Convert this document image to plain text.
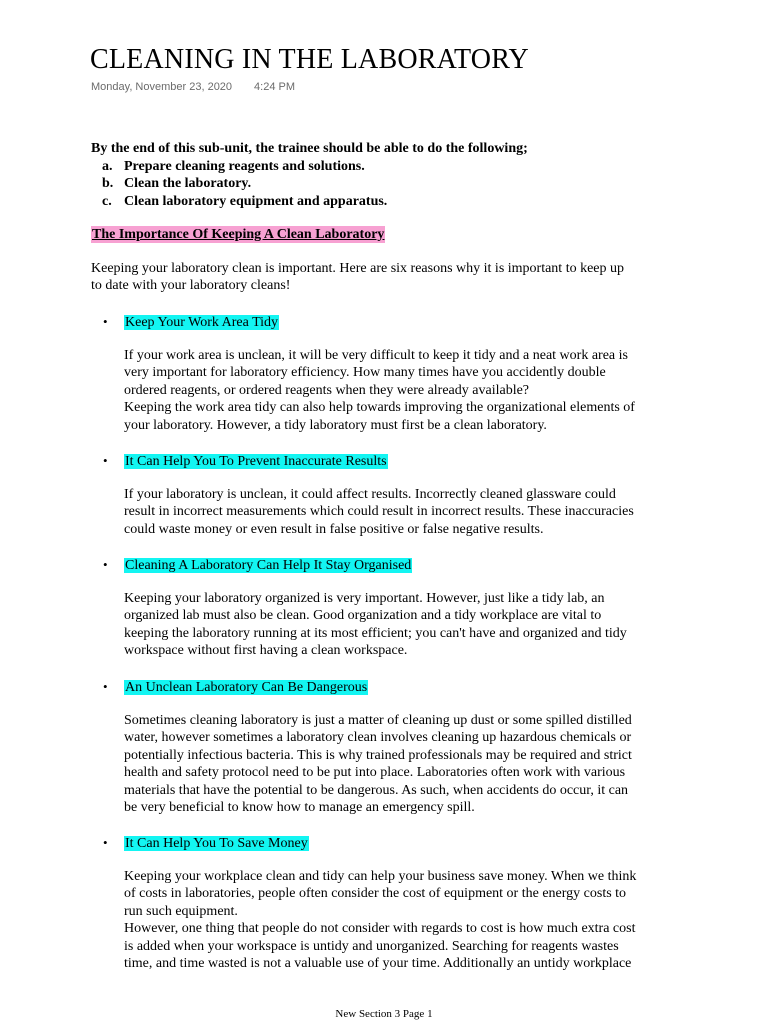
CLEANING IN THE LABORATORY
Monday, November 23, 2020 4:24 PM
By the end of this sub-unit, the trainee should be able to do the following;
a. Prepare cleaning reagents and solutions.
b. Clean the laboratory.
c. Clean laboratory equipment and apparatus.
The Importance Of Keeping A Clean Laboratory
Keeping your laboratory clean is important. Here are six reasons why it is important to keep up
to date with your laboratory cleans!
• Keep Your Work Area Tidy
If your work area is unclean, it will be very difficult to keep it tidy and a neat work area is
very important for laboratory efficiency. How many times have you accidently double
ordered reagents, or ordered reagents when they were already available?
Keeping the work area tidy can also help towards improving the organizational elements of
your laboratory. However, a tidy laboratory must first be a clean laboratory.
• It Can Help You To Prevent Inaccurate Results
If your laboratory is unclean, it could affect results. Incorrectly cleaned glassware could
result in incorrect measurements which could result in incorrect results. These inaccuracies
could waste money or even result in false positive or false negative results.
• Cleaning A Laboratory Can Help It Stay Organised
Keeping your laboratory organized is very important. However, just like a tidy lab, an
organized lab must also be clean. Good organization and a tidy workplace are vital to
keeping the laboratory running at its most efficient; you can't have and organized and tidy
workspace without first having a clean workspace.
• An Unclean Laboratory Can Be Dangerous
Sometimes cleaning laboratory is just a matter of cleaning up dust or some spilled distilled
water, however sometimes a laboratory clean involves cleaning up hazardous chemicals or
potentially infectious bacteria. This is why trained professionals may be required and strict
health and safety protocol need to be put into place. Laboratories often work with various
materials that have the potential to be dangerous. As such, when accidents do occur, it can
be very beneficial to know how to manage an emergency spill.
• It Can Help You To Save Money
Keeping your workplace clean and tidy can help your business save money. When we think
of costs in laboratories, people often consider the cost of equipment or the energy costs to
run such equipment.
However, one thing that people do not consider with regards to cost is how much extra cost
is added when your workspace is untidy and unorganized. Searching for reagents wastes
time, and time wasted is not a valuable use of your time. Additionally an untidy workplace
New Section 3 Page 1
